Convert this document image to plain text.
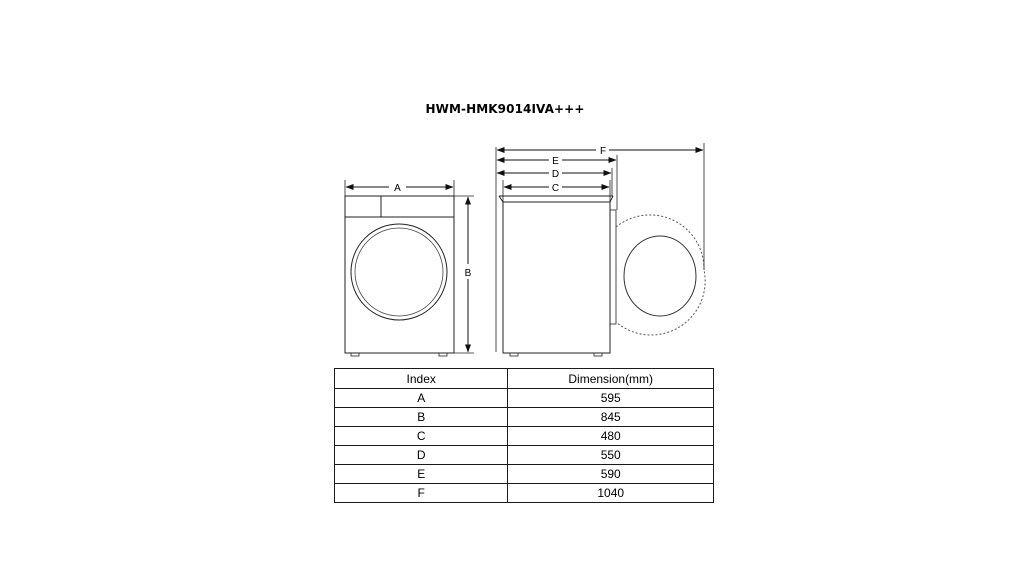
HWM-HMK9014IVA+++
A
B
F
E
D
C
Index	Dimension(mm)
A	595
B	845
C	480
D	550
E	590
F	1040
